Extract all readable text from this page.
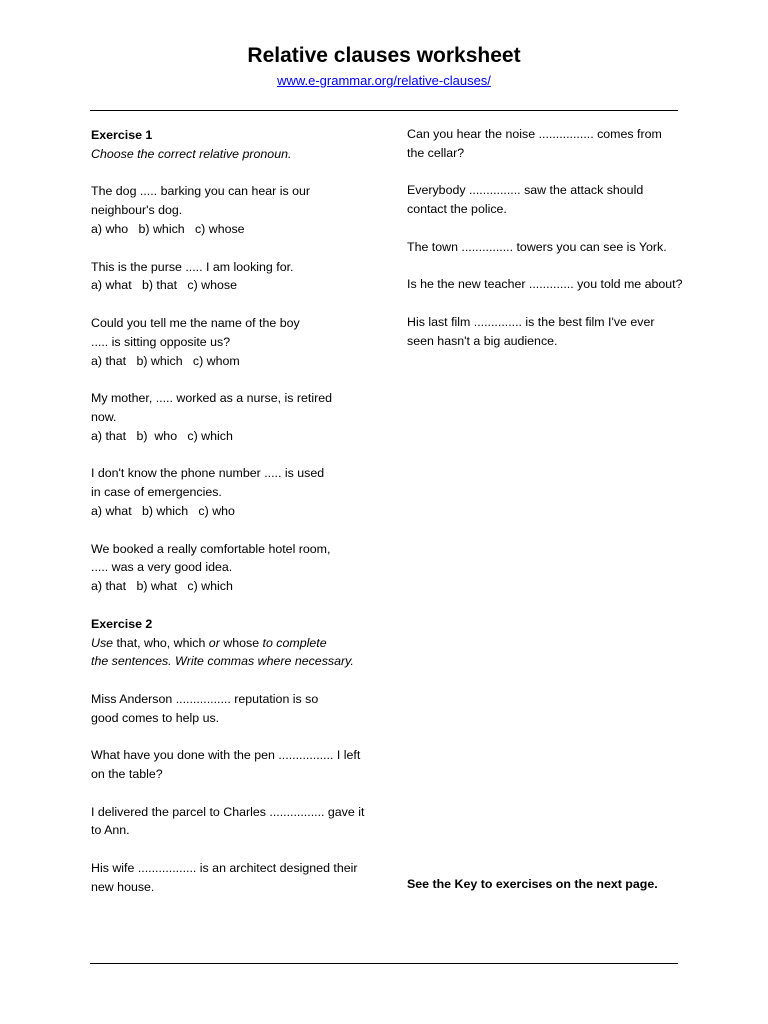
Relative clauses worksheet
www.e-grammar.org/relative-clauses/
Exercise 1
Choose the correct relative pronoun.
The dog ..... barking you can hear is our
neighbour's dog.
a) who   b) which   c) whose
This is the purse ..... I am looking for.
a) what   b) that   c) whose
Could you tell me the name of the boy
..... is sitting opposite us?
a) that   b) which   c) whom
My mother, ..... worked as a nurse, is retired
now.
a) that   b)  who   c) which
I don't know the phone number ..... is used
in case of emergencies.
a) what   b) which   c) who
We booked a really comfortable hotel room,
..... was a very good idea.
a) that   b) what   c) which
Exercise 2
Use that, who, which or whose to complete
the sentences. Write commas where necessary.
Miss Anderson ................ reputation is so
good comes to help us.
What have you done with the pen ................ I left
on the table?
I delivered the parcel to Charles ................ gave it
to Ann.
His wife ................. is an architect designed their
new house.
Can you hear the noise ................ comes from
the cellar?
Everybody ............... saw the attack should
contact the police.
The town ............... towers you can see is York.
Is he the new teacher ............. you told me about?
His last film .............. is the best film I've ever
seen hasn't a big audience.
See the Key to exercises on the next page.
